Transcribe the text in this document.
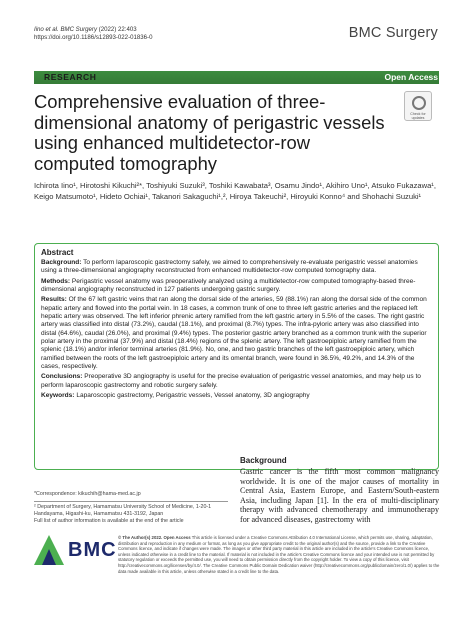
Iino et al. BMC Surgery (2022) 22:403
https://doi.org/10.1186/s12893-022-01836-0	BMC Surgery
RESEARCH	Open Access
Comprehensive evaluation of three-dimensional anatomy of perigastric vessels using enhanced multidetector-row computed tomography
Check for updates
Ichirota Iino¹, Hirotoshi Kikuchi²*, Toshiyuki Suzuki³, Toshiki Kawabata³, Osamu Jindo¹, Akihiro Uno¹, Atsuko Fukazawa¹, Keigo Matsumoto¹, Hideto Ochiai¹, Takanori Sakaguchi¹,², Hiroya Takeuchi², Hiroyuki Konno⁴ and Shohachi Suzuki¹
Abstract

Background: To perform laparoscopic gastrectomy safely, we aimed to comprehensively re-evaluate perigastric vessel anatomies using a three-dimensional angiography reconstructed from enhanced multidetector-row computed tomography data.

Methods: Perigastric vessel anatomy was preoperatively analyzed using a multidetector-row computed tomography-based three-dimensional angiography reconstructed in 127 patients undergoing gastric surgery.

Results: Of the 67 left gastric veins that ran along the dorsal side of the arteries, 59 (88.1%) ran along the dorsal side of the common hepatic artery and flowed into the portal vein. In 18 cases, a common trunk of one to three left gastric arteries and the replaced left hepatic artery was observed. The left inferior phrenic artery ramified from the left gastric artery in 5.5% of the cases. The right gastric artery was classified into distal (73.2%), caudal (18.1%), and proximal (8.7%) types. The infra-pyloric artery was also classified into distal (64.6%), caudal (26.0%), and proximal (9.4%) types. The posterior gastric artery branched as a common trunk with the superior polar artery in the proximal (37.9%) and distal (18.4%) regions of the splenic artery. The left gastroepiploic artery ramified from the splenic (18.1%) and/or inferior terminal arteries (81.9%). No, one, and two gastric branches of the left gastroepiploic artery, which ramified between the roots of the left gastroepiploic artery and its omental branch, were found in 36.5%, 49.2%, and 14.3% of the cases, respectively.

Conclusions: Preoperative 3D angiography is useful for the precise evaluation of perigastric vessel anatomies, and may help us to perform laparoscopic gastrectomy and robotic surgery safely.

Keywords: Laparoscopic gastrectomy, Perigastric vessels, Vessel anatomy, 3D angiography

Background
Gastric cancer is the fifth most common malignancy worldwide. It is one of the major causes of mortality in Central Asia, Eastern Europe, and Eastern/South-eastern Asia, including Japan [1]. In the era of multi-disciplinary therapy with advanced chemotherapy and immunotherapy for advanced diseases, gastrectomy with
*Correspondence: kikuchih@hama-med.ac.jp
² Department of Surgery, Hamamatsu University School of Medicine, 1-20-1 Handayama, Higashi-ku, Hamamatsu 431-3192, Japan
Full list of author information is available at the end of the article
BMC
© The Author(s) 2022. Open Access This article is licensed under a Creative Commons Attribution 4.0 International License, which permits use, sharing, adaptation, distribution and reproduction in any medium or format, as long as you give appropriate credit to the original author(s) and the source, provide a link to the Creative Commons licence, and indicate if changes were made. The images or other third party material in this article are included in the article's Creative Commons licence, unless indicated otherwise in a credit line to the material. If material is not included in the article's Creative Commons licence and your intended use is not permitted by statutory regulation or exceeds the permitted use, you will need to obtain permission directly from the copyright holder. To view a copy of this licence, visit http://creativecommons.org/licenses/by/4.0/. The Creative Commons Public Domain Dedication waiver (http://creativecommons.org/publicdomain/zero/1.0/) applies to the data made available in this article, unless otherwise stated in a credit line to the data.
